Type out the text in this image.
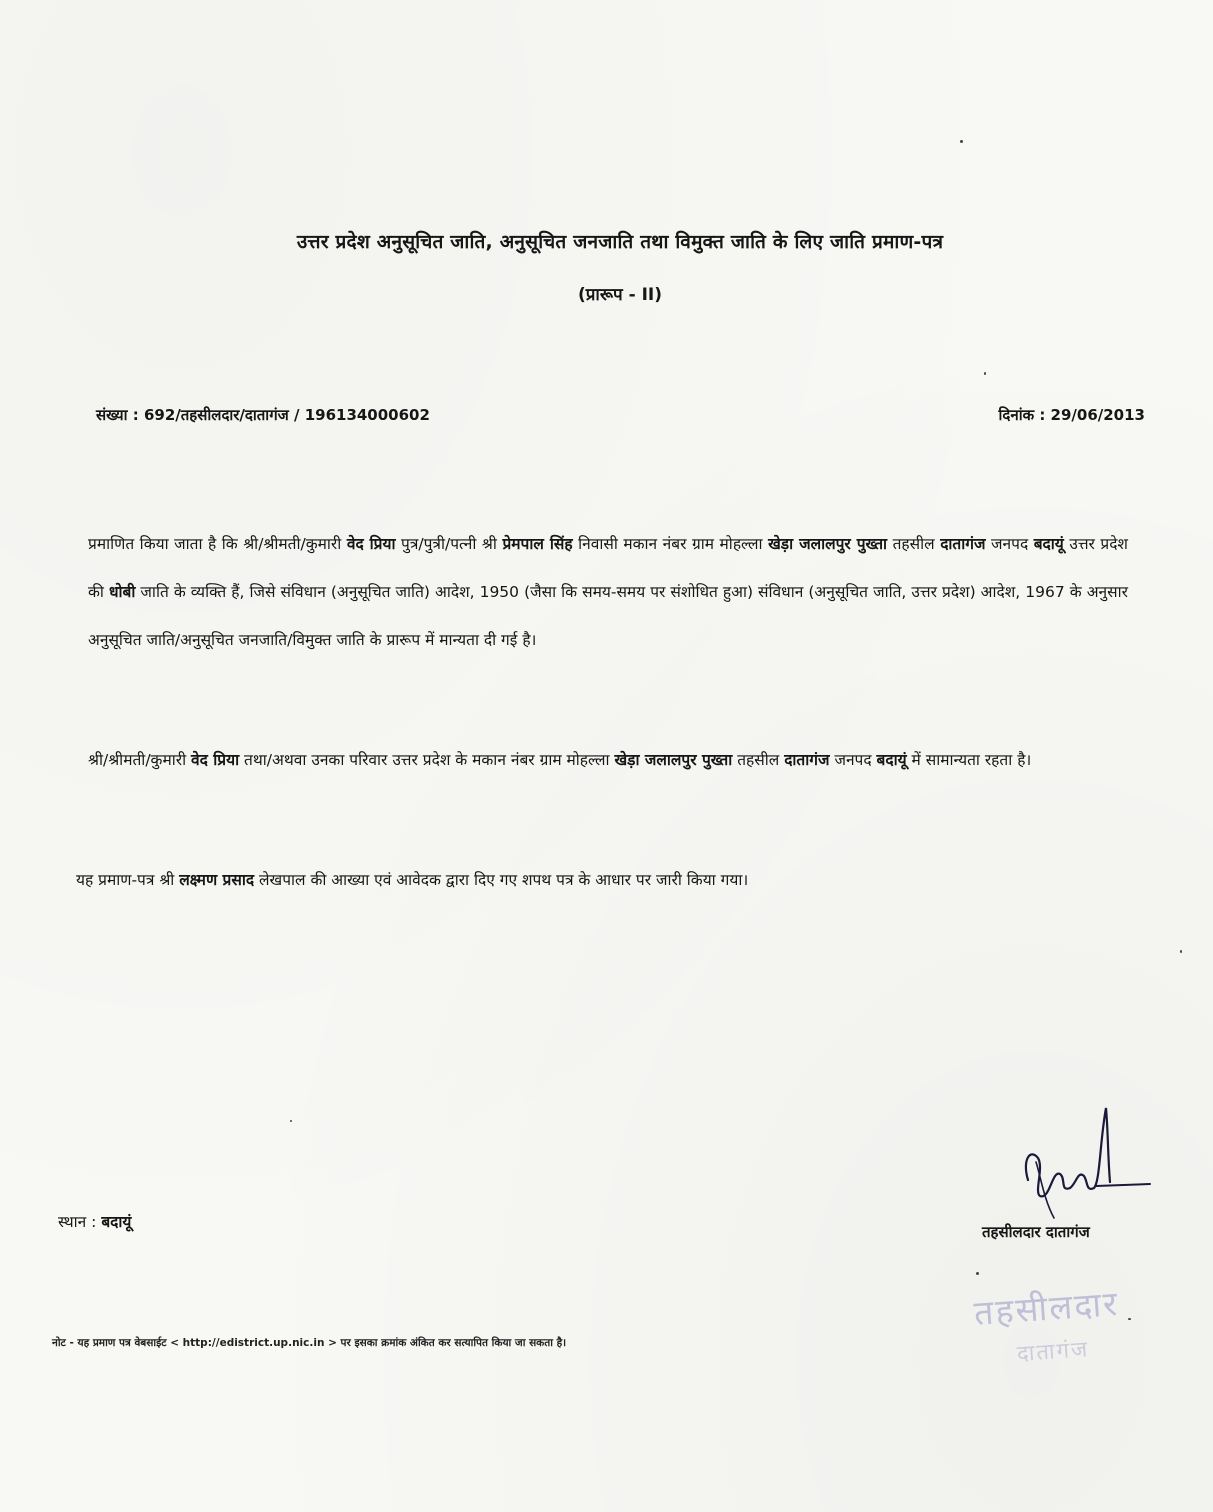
उत्तर प्रदेश अनुसूचित जाति, अनुसूचित जनजाति तथा विमुक्त जाति के लिए जाति प्रमाण-पत्र
(प्रारूप - II)
संख्या : 692/तहसीलदार/दातागंज / 196134000602	दिनांक : 29/06/2013
प्रमाणित किया जाता है कि श्री/श्रीमती/कुमारी वेद प्रिया पुत्र/पुत्री/पत्नी श्री प्रेमपाल सिंह निवासी मकान नंबर ग्राम मोहल्ला खेड़ा जलालपुर पुख्ता तहसील दातागंज जनपद बदायूं उत्तर प्रदेश की धोबी जाति के व्यक्ति हैं, जिसे संविधान (अनुसूचित जाति) आदेश, 1950 (जैसा कि समय-समय पर संशोधित हुआ) संविधान (अनुसूचित जाति, उत्तर प्रदेश) आदेश, 1967 के अनुसार अनुसूचित जाति/अनुसूचित जनजाति/विमुक्त जाति के प्रारूप में मान्यता दी गई है।
श्री/श्रीमती/कुमारी वेद प्रिया तथा/अथवा उनका परिवार उत्तर प्रदेश के मकान नंबर ग्राम मोहल्ला खेड़ा जलालपुर पुख्ता तहसील दातागंज जनपद बदायूं में सामान्यता रहता है।
यह प्रमाण-पत्र श्री लक्ष्मण प्रसाद लेखपाल की आख्या एवं आवेदक द्वारा दिए गए शपथ पत्र के आधार पर जारी किया गया।
स्थान : बदायूं
तहसीलदार दातागंज
नोट - यह प्रमाण पत्र वेबसाईट < http://edistrict.up.nic.in > पर इसका क्रमांक अंकित कर सत्यापित किया जा सकता है।
तहसीलदार
दातागंज
